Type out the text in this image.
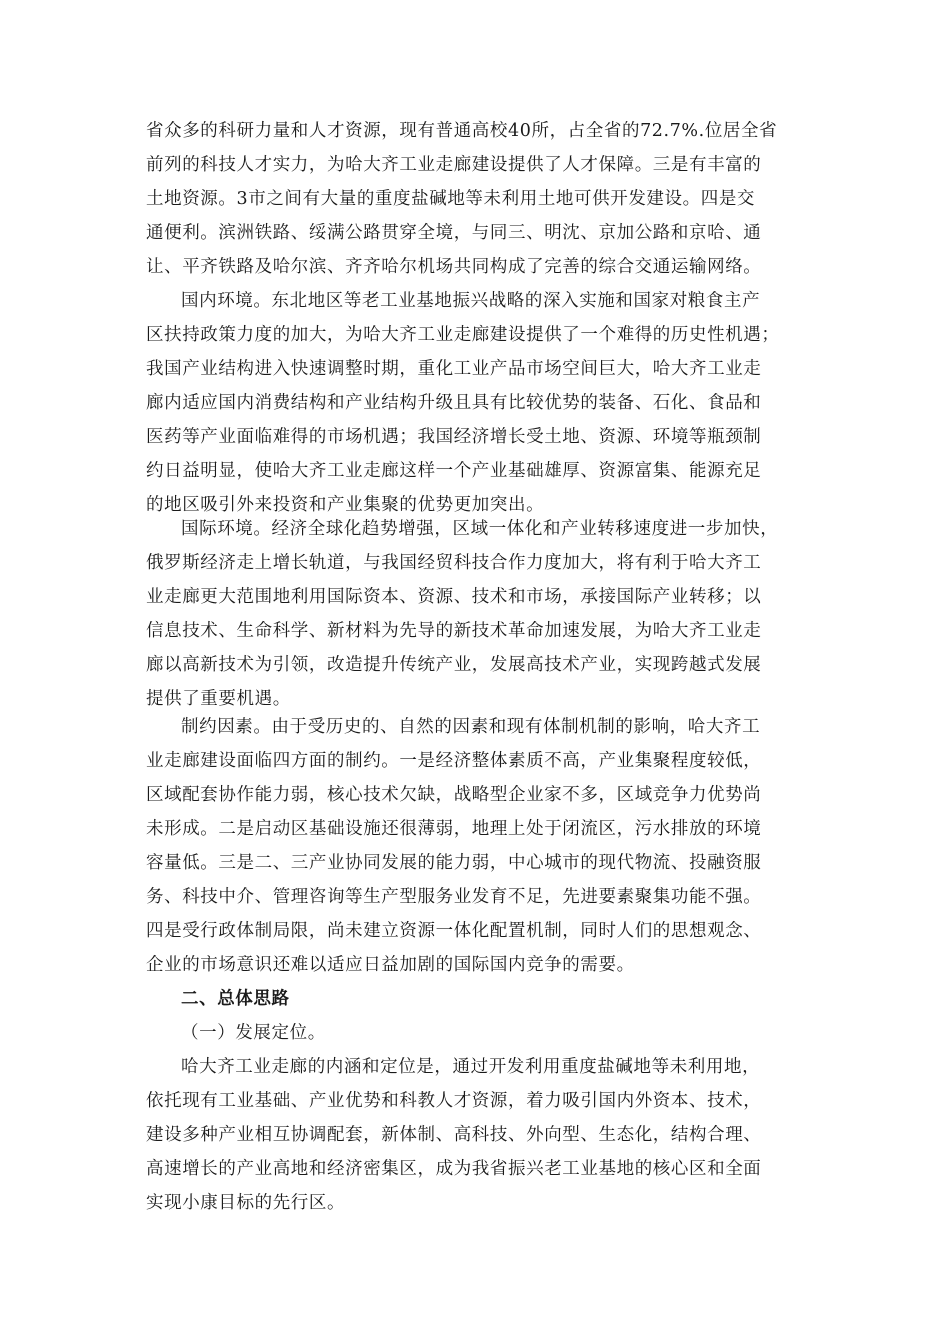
省众多的科研力量和人才资源，现有普通高校40所，占全省的72.7%.位居全省
前列的科技人才实力，为哈大齐工业走廊建设提供了人才保障。三是有丰富的
土地资源。3市之间有大量的重度盐碱地等未利用土地可供开发建设。四是交
通便利。滨洲铁路、绥满公路贯穿全境，与同三、明沈、京加公路和京哈、通
让、平齐铁路及哈尔滨、齐齐哈尔机场共同构成了完善的综合交通运输网络。
国内环境。东北地区等老工业基地振兴战略的深入实施和国家对粮食主产
区扶持政策力度的加大，为哈大齐工业走廊建设提供了一个难得的历史性机遇；
我国产业结构进入快速调整时期，重化工业产品市场空间巨大，哈大齐工业走
廊内适应国内消费结构和产业结构升级且具有比较优势的装备、石化、食品和
医药等产业面临难得的市场机遇；我国经济增长受土地、资源、环境等瓶颈制
约日益明显，使哈大齐工业走廊这样一个产业基础雄厚、资源富集、能源充足
的地区吸引外来投资和产业集聚的优势更加突出。
国际环境。经济全球化趋势增强，区域一体化和产业转移速度进一步加快，
俄罗斯经济走上增长轨道，与我国经贸科技合作力度加大，将有利于哈大齐工
业走廊更大范围地利用国际资本、资源、技术和市场，承接国际产业转移；以
信息技术、生命科学、新材料为先导的新技术革命加速发展，为哈大齐工业走
廊以高新技术为引领，改造提升传统产业，发展高技术产业，实现跨越式发展
提供了重要机遇。
制约因素。由于受历史的、自然的因素和现有体制机制的影响，哈大齐工
业走廊建设面临四方面的制约。一是经济整体素质不高，产业集聚程度较低，
区域配套协作能力弱，核心技术欠缺，战略型企业家不多，区域竞争力优势尚
未形成。二是启动区基础设施还很薄弱，地理上处于闭流区，污水排放的环境
容量低。三是二、三产业协同发展的能力弱，中心城市的现代物流、投融资服
务、科技中介、管理咨询等生产型服务业发育不足，先进要素聚集功能不强。
四是受行政体制局限，尚未建立资源一体化配置机制，同时人们的思想观念、
企业的市场意识还难以适应日益加剧的国际国内竞争的需要。
二、总体思路
（一）发展定位。
哈大齐工业走廊的内涵和定位是，通过开发利用重度盐碱地等未利用地，
依托现有工业基础、产业优势和科教人才资源，着力吸引国内外资本、技术，
建设多种产业相互协调配套，新体制、高科技、外向型、生态化，结构合理、
高速增长的产业高地和经济密集区，成为我省振兴老工业基地的核心区和全面
实现小康目标的先行区。
